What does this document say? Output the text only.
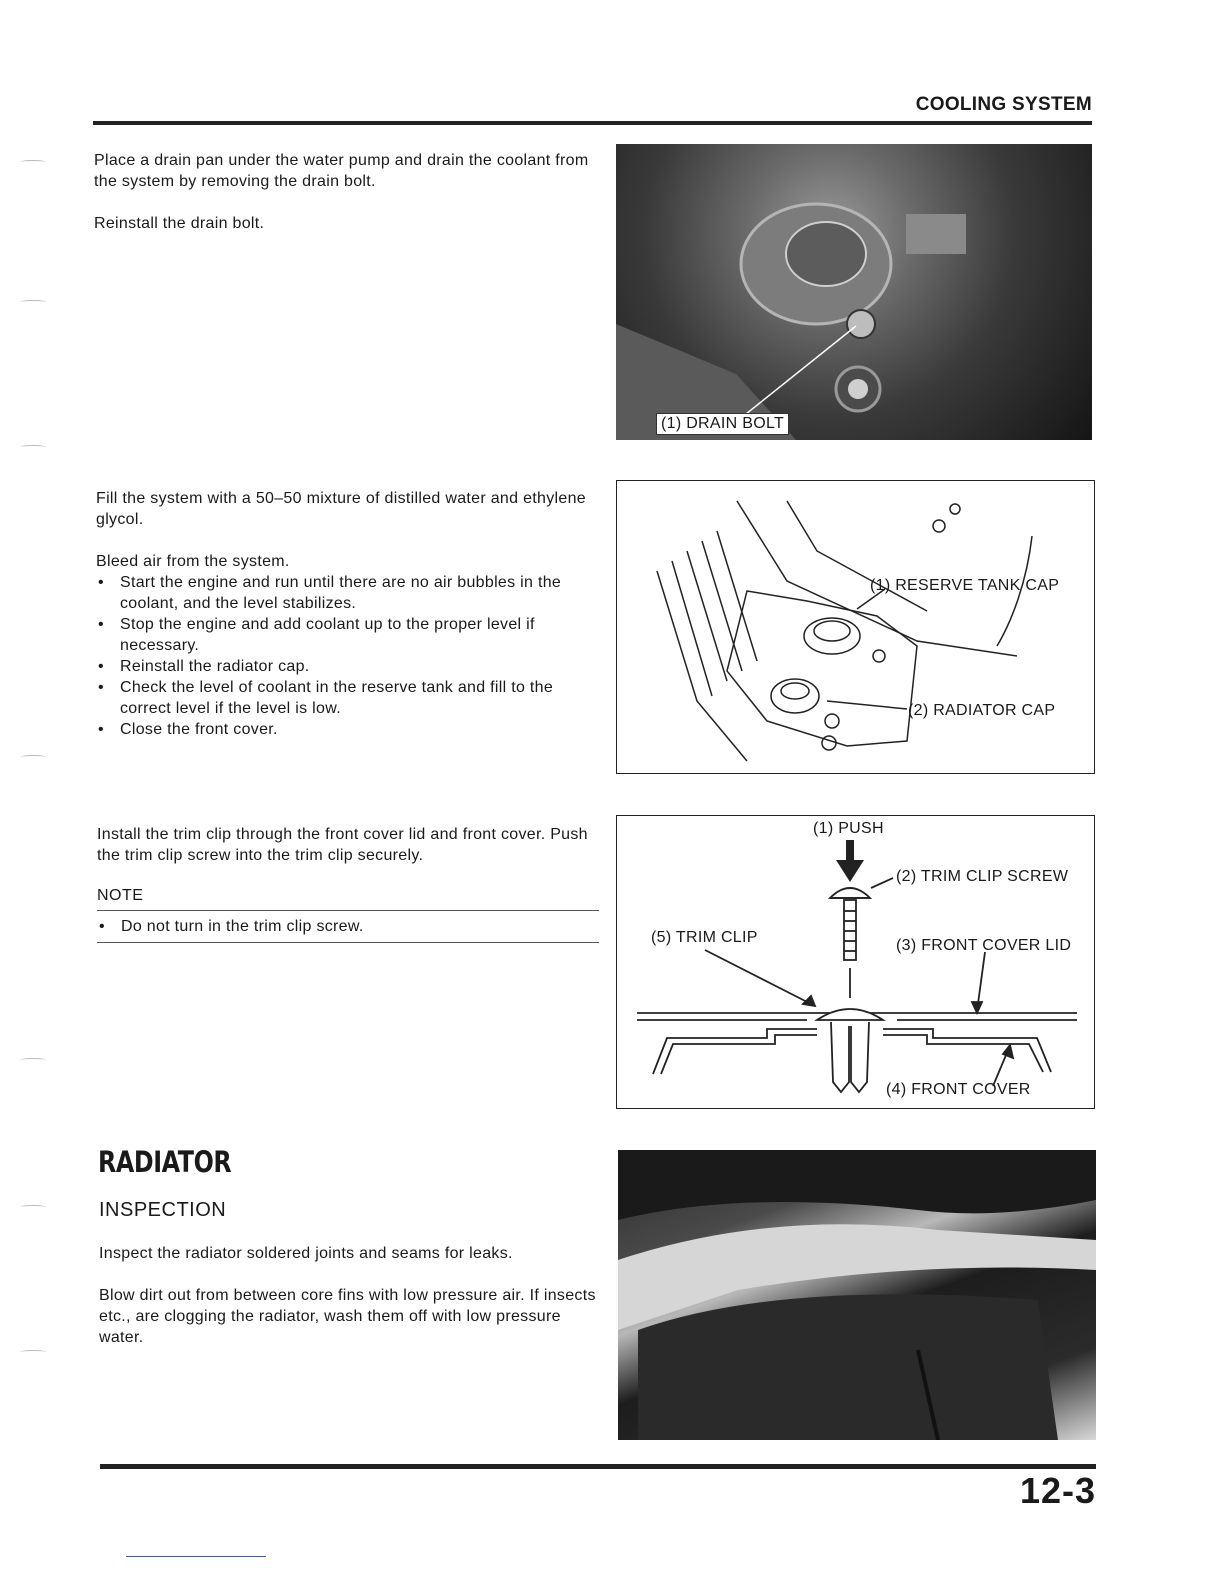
COOLING SYSTEM

Place a drain pan under the water pump and drain the coolant from the system by removing the drain bolt.

Reinstall the drain bolt.

(1) DRAIN BOLT

Fill the system with a 50–50 mixture of distilled water and ethylene glycol.

Bleed air from the system.

• Start the engine and run until there are no air bubbles in the coolant, and the level stabilizes.
• Stop the engine and add coolant up to the proper level if necessary.
• Reinstall the radiator cap.
• Check the level of coolant in the reserve tank and fill to the correct level if the level is low.
• Close the front cover.
(1) RESERVE TANK CAP
(2) RADIATOR CAP

Install the trim clip through the front cover lid and front cover. Push the trim clip screw into the trim clip securely.

NOTE
• Do not turn in the trim clip screw.
(1) PUSH
(2) TRIM CLIP SCREW
(3) FRONT COVER LID
(4) FRONT COVER
(5) TRIM CLIP
RADIATOR
INSPECTION

Inspect the radiator soldered joints and seams for leaks.

Blow dirt out from between core fins with low pressure air. If insects etc., are clogging the radiator, wash them off with low pressure water.

12-3
